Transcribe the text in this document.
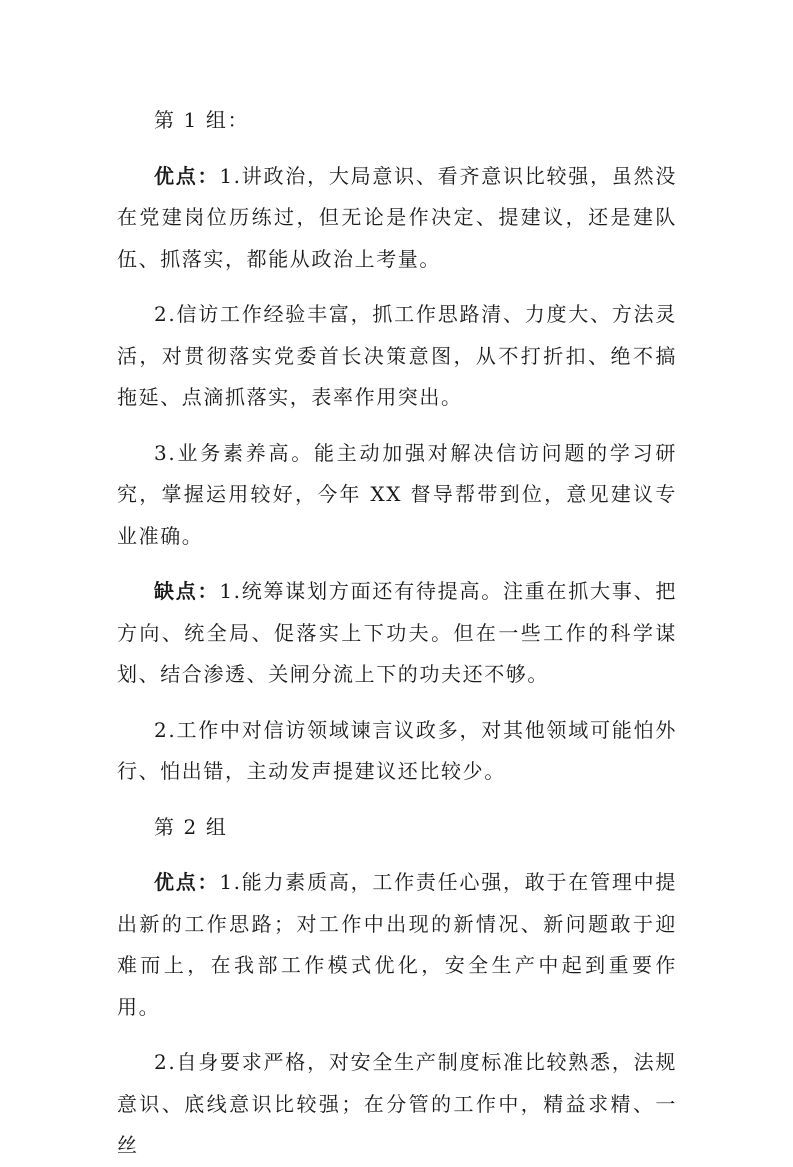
第 1 组：

优点：1.讲政治，大局意识、看齐意识比较强，虽然没在党建岗位历练过，但无论是作决定、提建议，还是建队伍、抓落实，都能从政治上考量。

2.信访工作经验丰富，抓工作思路清、力度大、方法灵活，对贯彻落实党委首长决策意图，从不打折扣、绝不搞拖延、点滴抓落实，表率作用突出。

3.业务素养高。能主动加强对解决信访问题的学习研究，掌握运用较好，今年 XX 督导帮带到位，意见建议专业准确。

缺点：1.统筹谋划方面还有待提高。注重在抓大事、把方向、统全局、促落实上下功夫。但在一些工作的科学谋划、结合渗透、关闸分流上下的功夫还不够。

2.工作中对信访领域谏言议政多，对其他领域可能怕外行、怕出错，主动发声提建议还比较少。

第 2 组

优点：1.能力素质高，工作责任心强，敢于在管理中提出新的工作思路；对工作中出现的新情况、新问题敢于迎难而上，在我部工作模式优化，安全生产中起到重要作用。

2.自身要求严格，对安全生产制度标准比较熟悉，法规意识、底线意识比较强；在分管的工作中，精益求精、一丝
